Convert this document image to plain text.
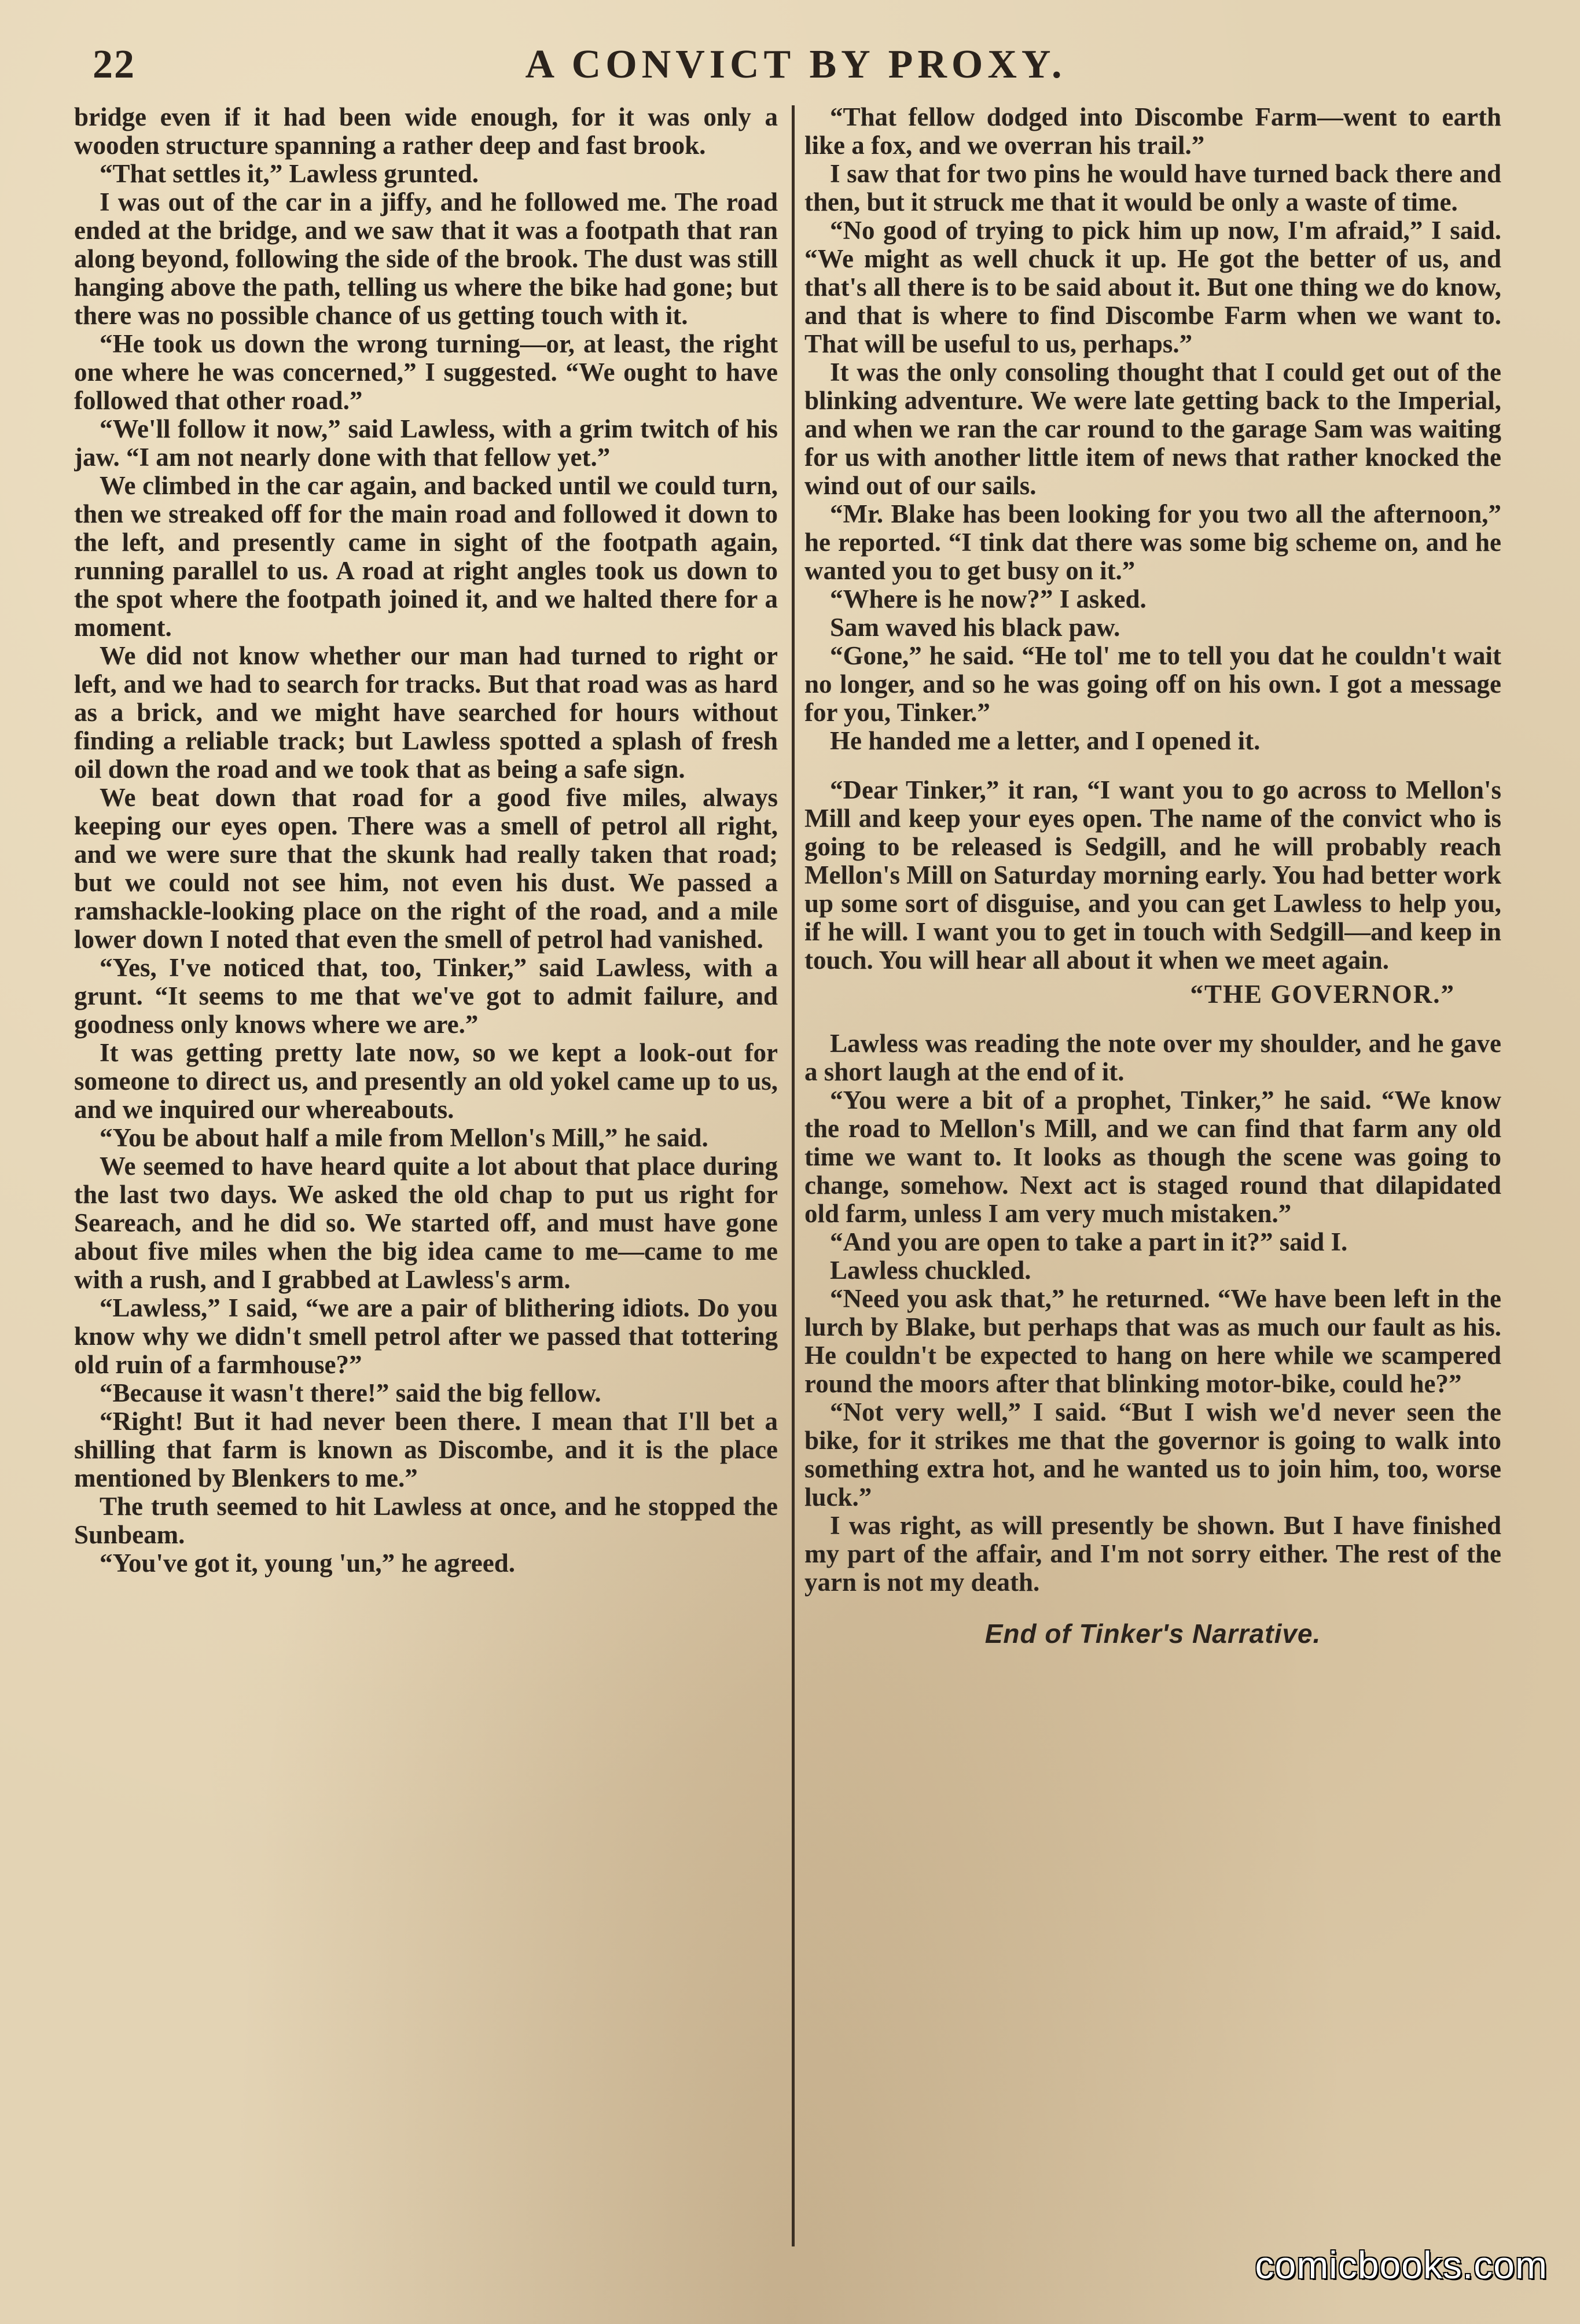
22	A CONVICT BY PROXY.

bridge even if it had been wide enough, for it was only a wooden structure spanning a rather deep and fast brook.

“That settles it,” Lawless grunted.

I was out of the car in a jiffy, and he followed me. The road ended at the bridge, and we saw that it was a footpath that ran along beyond, following the side of the brook. The dust was still hanging above the path, telling us where the bike had gone; but there was no possible chance of us getting touch with it.

“He took us down the wrong turning—or, at least, the right one where he was concerned,” I suggested. “We ought to have followed that other road.”

“We'll follow it now,” said Lawless, with a grim twitch of his jaw. “I am not nearly done with that fellow yet.”

We climbed in the car again, and backed until we could turn, then we streaked off for the main road and followed it down to the left, and presently came in sight of the footpath again, running parallel to us. A road at right angles took us down to the spot where the footpath joined it, and we halted there for a moment.

We did not know whether our man had turned to right or left, and we had to search for tracks. But that road was as hard as a brick, and we might have searched for hours without finding a reliable track; but Lawless spotted a splash of fresh oil down the road and we took that as being a safe sign.

We beat down that road for a good five miles, always keeping our eyes open. There was a smell of petrol all right, and we were sure that the skunk had really taken that road; but we could not see him, not even his dust. We passed a ramshackle-looking place on the right of the road, and a mile lower down I noted that even the smell of petrol had vanished.

“Yes, I've noticed that, too, Tinker,” said Lawless, with a grunt. “It seems to me that we've got to admit failure, and goodness only knows where we are.”

It was getting pretty late now, so we kept a look-out for someone to direct us, and presently an old yokel came up to us, and we inquired our whereabouts.

“You be about half a mile from Mellon's Mill,” he said.

We seemed to have heard quite a lot about that place during the last two days. We asked the old chap to put us right for Seareach, and he did so. We started off, and must have gone about five miles when the big idea came to me—came to me with a rush, and I grabbed at Lawless's arm.

“Lawless,” I said, “we are a pair of blithering idiots. Do you know why we didn't smell petrol after we passed that tottering old ruin of a farmhouse?”

“Because it wasn't there!” said the big fellow.

“Right! But it had never been there. I mean that I'll bet a shilling that farm is known as Discombe, and it is the place mentioned by Blenkers to me.”

The truth seemed to hit Lawless at once, and he stopped the Sunbeam.

“You've got it, young 'un,” he agreed.

“That fellow dodged into Discombe Farm—went to earth like a fox, and we overran his trail.”

I saw that for two pins he would have turned back there and then, but it struck me that it would be only a waste of time.

“No good of trying to pick him up now, I'm afraid,” I said. “We might as well chuck it up. He got the better of us, and that's all there is to be said about it. But one thing we do know, and that is where to find Discombe Farm when we want to. That will be useful to us, perhaps.”

It was the only consoling thought that I could get out of the blinking adventure. We were late getting back to the Imperial, and when we ran the car round to the garage Sam was waiting for us with another little item of news that rather knocked the wind out of our sails.

“Mr. Blake has been looking for you two all the afternoon,” he reported. “I tink dat there was some big scheme on, and he wanted you to get busy on it.”

“Where is he now?” I asked.

Sam waved his black paw.

“Gone,” he said. “He tol' me to tell you dat he couldn't wait no longer, and so he was going off on his own. I got a message for you, Tinker.”

He handed me a letter, and I opened it.

“Dear Tinker,” it ran, “I want you to go across to Mellon's Mill and keep your eyes open. The name of the convict who is going to be released is Sedgill, and he will probably reach Mellon's Mill on Saturday morning early. You had better work up some sort of disguise, and you can get Lawless to help you, if he will. I want you to get in touch with Sedgill—and keep in touch. You will hear all about it when we meet again.

“THE GOVERNOR.”

Lawless was reading the note over my shoulder, and he gave a short laugh at the end of it.

“You were a bit of a prophet, Tinker,” he said. “We know the road to Mellon's Mill, and we can find that farm any old time we want to. It looks as though the scene was going to change, somehow. Next act is staged round that dilapidated old farm, unless I am very much mistaken.”

“And you are open to take a part in it?” said I.

Lawless chuckled.

“Need you ask that,” he returned. “We have been left in the lurch by Blake, but perhaps that was as much our fault as his. He couldn't be expected to hang on here while we scampered round the moors after that blinking motor-bike, could he?”

“Not very well,” I said. “But I wish we'd never seen the bike, for it strikes me that the governor is going to walk into something extra hot, and he wanted us to join him, too, worse luck.”

I was right, as will presently be shown. But I have finished my part of the affair, and I'm not sorry either. The rest of the yarn is not my death.

End of Tinker's Narrative.

comicbooks.com
